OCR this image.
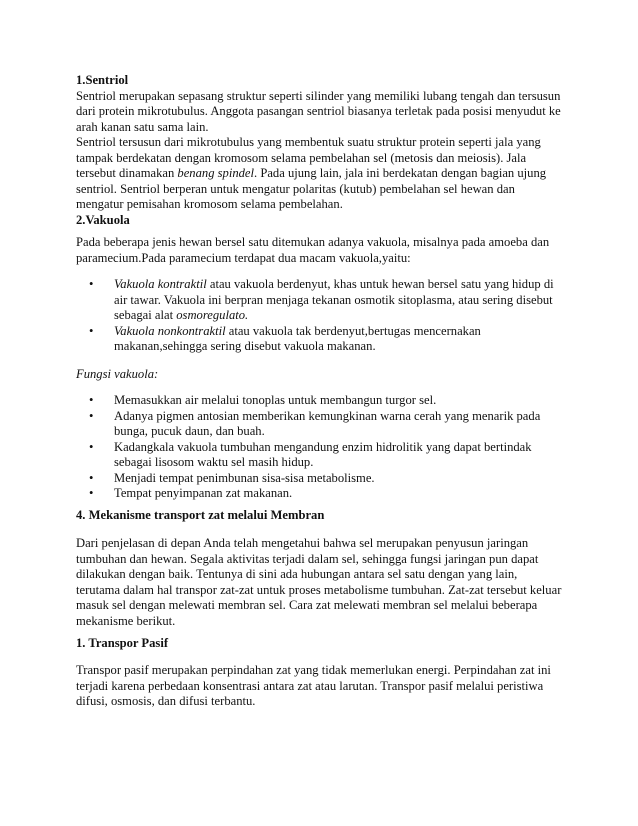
1.Sentriol

Sentriol merupakan sepasang struktur seperti silinder yang memiliki lubang tengah dan tersusun dari protein mikrotubulus. Anggota pasangan sentriol biasanya terletak pada posisi menyudut ke arah kanan satu sama lain.

Sentriol tersusun dari mikrotubulus yang membentuk suatu struktur protein seperti jala yang tampak berdekatan dengan kromosom selama pembelahan sel (metosis dan meiosis). Jala tersebut dinamakan benang spindel. Pada ujung lain, jala ini berdekatan dengan bagian ujung sentriol. Sentriol berperan untuk mengatur polaritas (kutub) pembelahan sel hewan dan mengatur pemisahan kromosom selama pembelahan.

2.Vakuola

Pada beberapa jenis hewan bersel satu ditemukan adanya vakuola, misalnya pada amoeba dan paramecium.Pada paramecium terdapat dua macam vakuola,yaitu:

• Vakuola kontraktil atau vakuola berdenyut, khas untuk hewan bersel satu yang hidup di air tawar. Vakuola ini berpran menjaga tekanan osmotik sitoplasma, atau sering disebut sebagai alat osmoregulato.
• Vakuola nonkontraktil atau vakuola tak berdenyut,bertugas mencernakan makanan,sehingga sering disebut vakuola makanan.

Fungsi vakuola:

• Memasukkan air melalui tonoplas untuk membangun turgor sel.
• Adanya pigmen antosian memberikan kemungkinan warna cerah yang menarik pada bunga, pucuk daun, dan buah.
• Kadangkala vakuola tumbuhan mengandung enzim hidrolitik yang dapat bertindak sebagai lisosom waktu sel masih hidup.
• Menjadi tempat penimbunan sisa-sisa metabolisme.
• Tempat penyimpanan zat makanan.

4. Mekanisme transport zat melalui Membran

Dari penjelasan di depan Anda telah mengetahui bahwa sel merupakan penyusun jaringan tumbuhan dan hewan. Segala aktivitas terjadi dalam sel, sehingga fungsi jaringan pun dapat dilakukan dengan baik. Tentunya di sini ada hubungan antara sel satu dengan yang lain, terutama dalam hal transpor zat-zat untuk proses metabolisme tumbuhan. Zat-zat tersebut keluar masuk sel dengan melewati membran sel. Cara zat melewati membran sel melalui beberapa mekanisme berikut.

1. Transpor Pasif

Transpor pasif merupakan perpindahan zat yang tidak memerlukan energi. Perpindahan zat ini terjadi karena perbedaan konsentrasi antara zat atau larutan. Transpor pasif melalui peristiwa difusi, osmosis, dan difusi terbantu.
